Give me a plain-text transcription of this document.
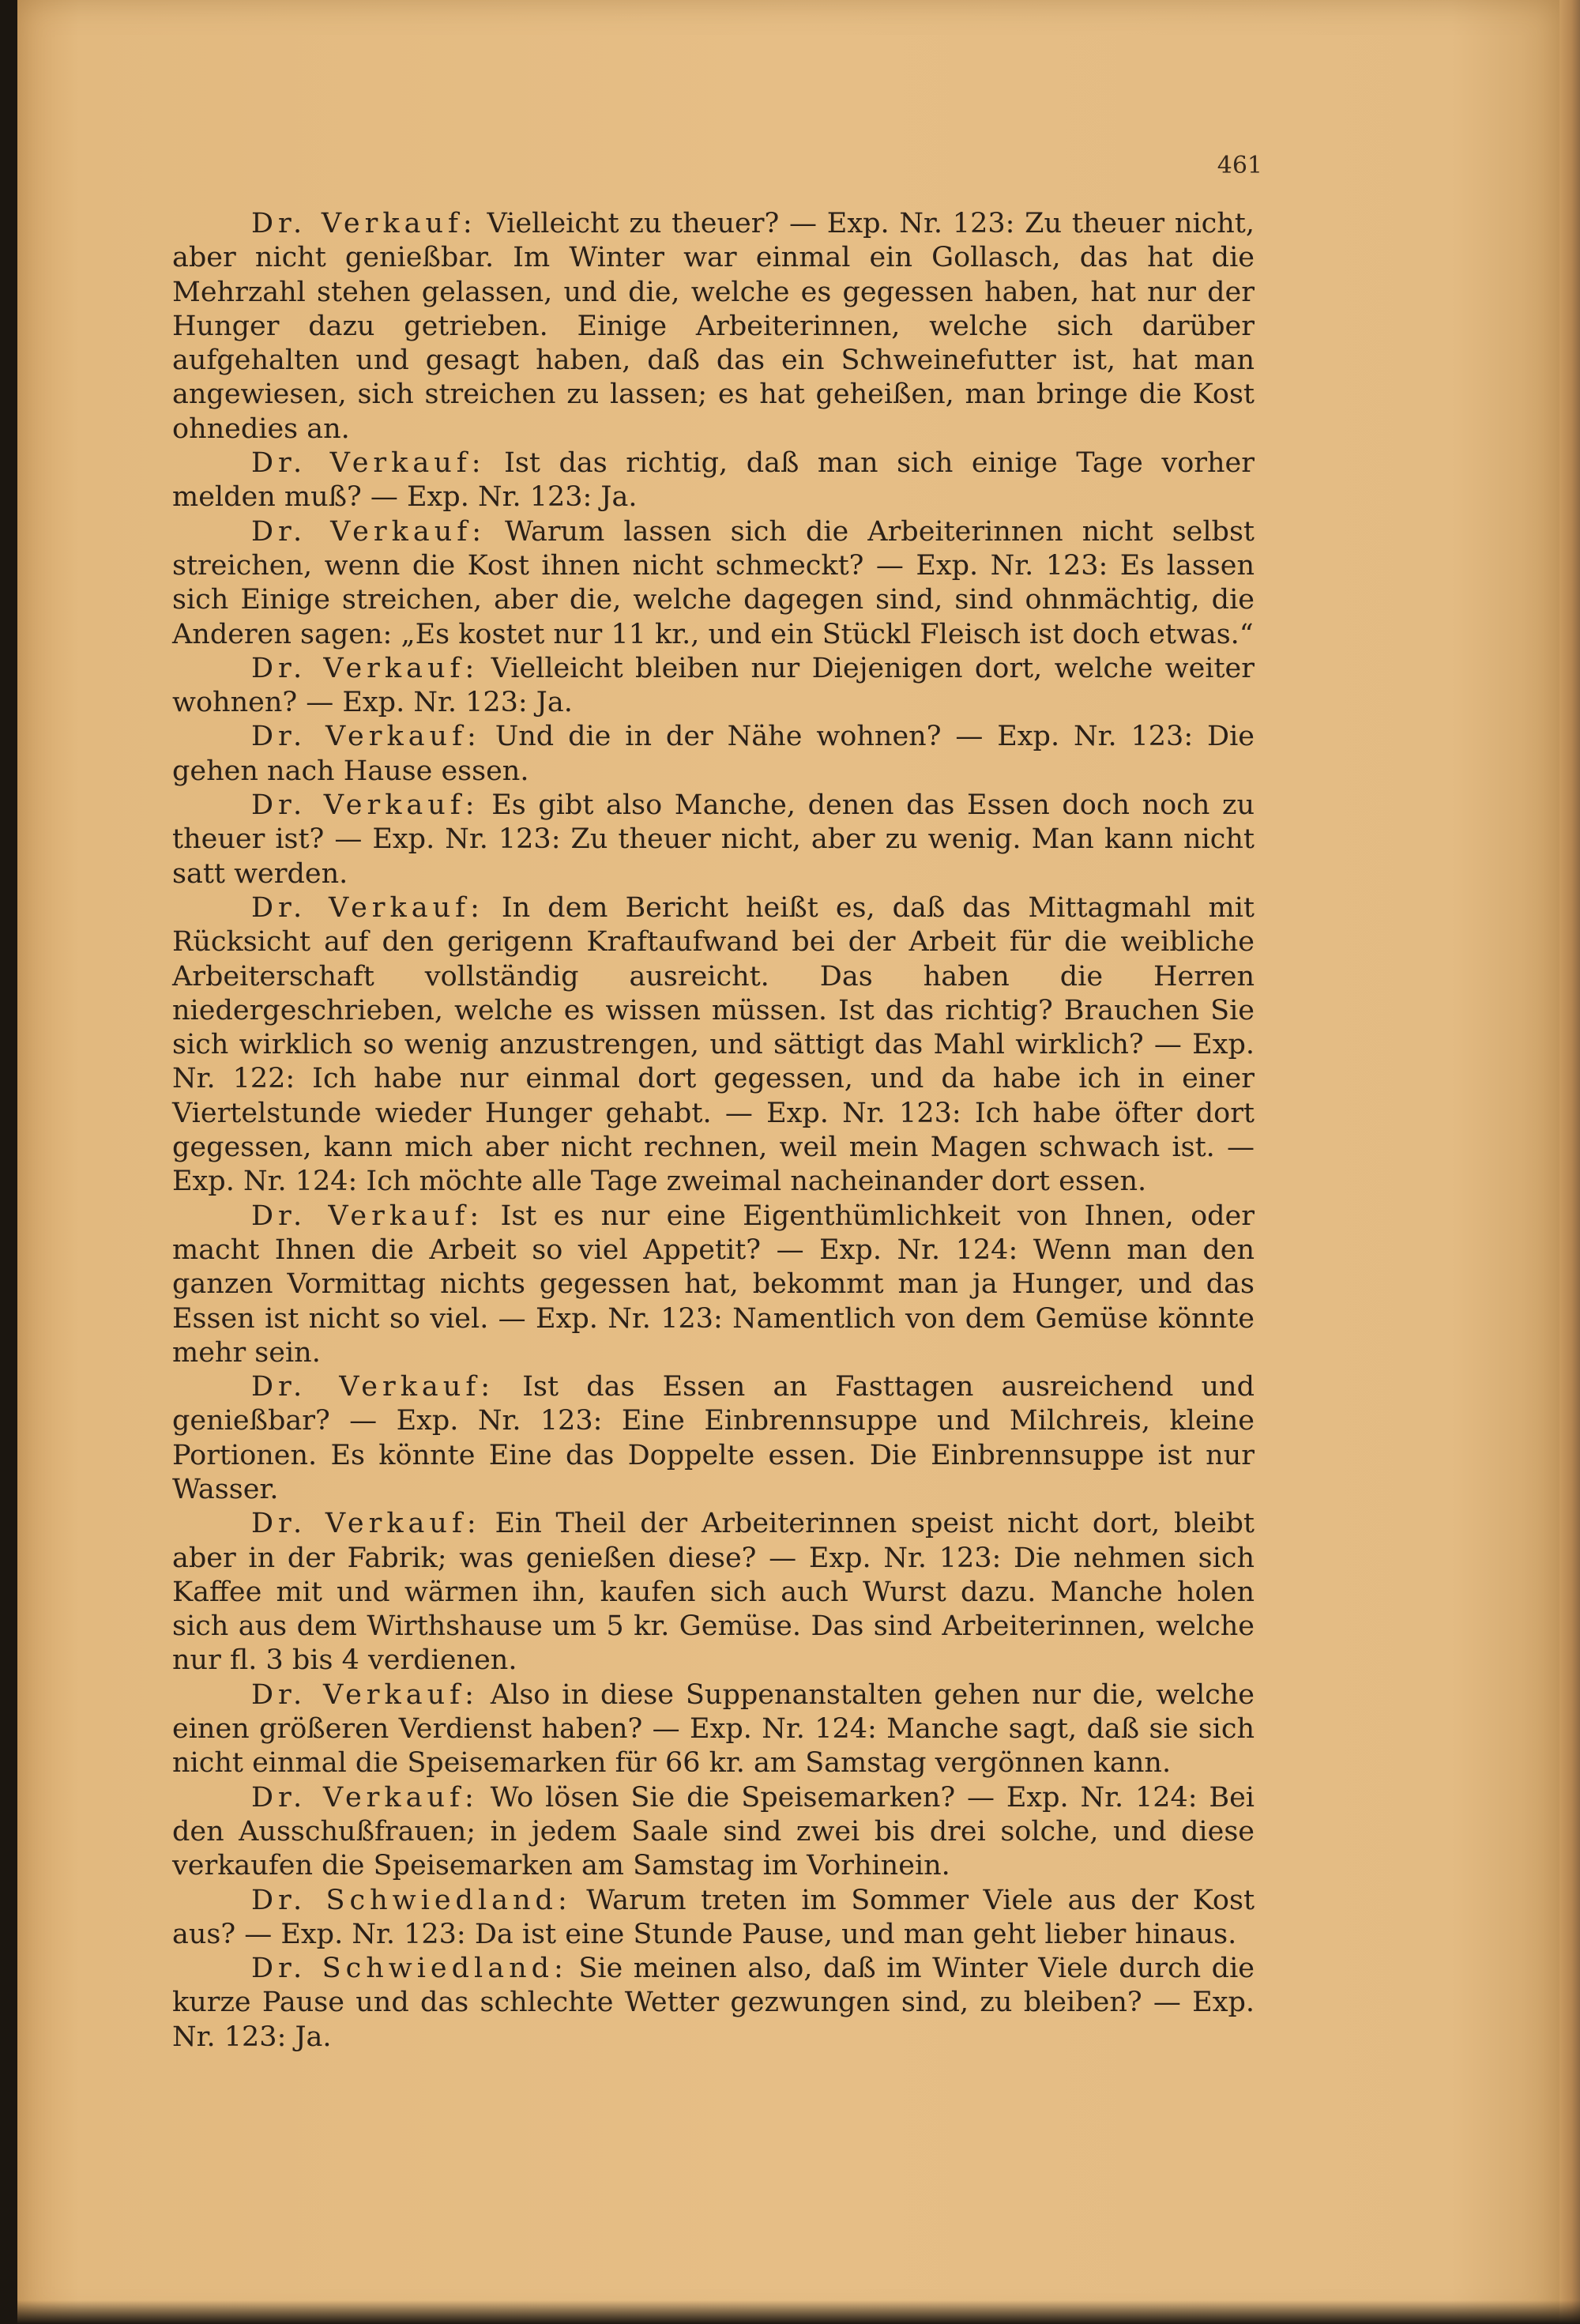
461

Dr. Verkauf: Vielleicht zu theuer? — Exp. Nr. 123: Zu theuer nicht, aber nicht genießbar. Im Winter war einmal ein Gollasch, das hat die Mehrzahl stehen gelassen, und die, welche es gegessen haben, hat nur der Hunger dazu getrieben. Einige Arbeiterinnen, welche sich darüber aufgehalten und gesagt haben, daß das ein Schweinefutter ist, hat man angewiesen, sich streichen zu lassen; es hat geheißen, man bringe die Kost ohnedies an.

Dr. Verkauf: Ist das richtig, daß man sich einige Tage vorher melden muß? — Exp. Nr. 123: Ja.

Dr. Verkauf: Warum lassen sich die Arbeiterinnen nicht selbst streichen, wenn die Kost ihnen nicht schmeckt? — Exp. Nr. 123: Es lassen sich Einige streichen, aber die, welche dagegen sind, sind ohnmächtig, die Anderen sagen: „Es kostet nur 11 kr., und ein Stückl Fleisch ist doch etwas.“

Dr. Verkauf: Vielleicht bleiben nur Diejenigen dort, welche weiter wohnen? — Exp. Nr. 123: Ja.

Dr. Verkauf: Und die in der Nähe wohnen? — Exp. Nr. 123: Die gehen nach Hause essen.

Dr. Verkauf: Es gibt also Manche, denen das Essen doch noch zu theuer ist? — Exp. Nr. 123: Zu theuer nicht, aber zu wenig. Man kann nicht satt werden.

Dr. Verkauf: In dem Bericht heißt es, daß das Mittagmahl mit Rücksicht auf den gerigenn Kraftaufwand bei der Arbeit für die weibliche Arbeiterschaft vollständig ausreicht. Das haben die Herren niedergeschrieben, welche es wissen müssen. Ist das richtig? Brauchen Sie sich wirklich so wenig anzustrengen, und sättigt das Mahl wirklich? — Exp. Nr. 122: Ich habe nur einmal dort gegessen, und da habe ich in einer Viertelstunde wieder Hunger gehabt. — Exp. Nr. 123: Ich habe öfter dort gegessen, kann mich aber nicht rechnen, weil mein Magen schwach ist. — Exp. Nr. 124: Ich möchte alle Tage zweimal nacheinander dort essen.

Dr. Verkauf: Ist es nur eine Eigenthümlichkeit von Ihnen, oder macht Ihnen die Arbeit so viel Appetit? — Exp. Nr. 124: Wenn man den ganzen Vormittag nichts gegessen hat, bekommt man ja Hunger, und das Essen ist nicht so viel. — Exp. Nr. 123: Namentlich von dem Gemüse könnte mehr sein.

Dr. Verkauf: Ist das Essen an Fasttagen ausreichend und genießbar? — Exp. Nr. 123: Eine Einbrennsuppe und Milchreis, kleine Portionen. Es könnte Eine das Doppelte essen. Die Einbrennsuppe ist nur Wasser.

Dr. Verkauf: Ein Theil der Arbeiterinnen speist nicht dort, bleibt aber in der Fabrik; was genießen diese? — Exp. Nr. 123: Die nehmen sich Kaffee mit und wärmen ihn, kaufen sich auch Wurst dazu. Manche holen sich aus dem Wirthshause um 5 kr. Gemüse. Das sind Arbeiterinnen, welche nur fl. 3 bis 4 verdienen.

Dr. Verkauf: Also in diese Suppenanstalten gehen nur die, welche einen größeren Verdienst haben? — Exp. Nr. 124: Manche sagt, daß sie sich nicht einmal die Speisemarken für 66 kr. am Samstag vergönnen kann.

Dr. Verkauf: Wo lösen Sie die Speisemarken? — Exp. Nr. 124: Bei den Ausschußfrauen; in jedem Saale sind zwei bis drei solche, und diese verkaufen die Speisemarken am Samstag im Vorhinein.

Dr. Schwiedland: Warum treten im Sommer Viele aus der Kost aus? — Exp. Nr. 123: Da ist eine Stunde Pause, und man geht lieber hinaus.

Dr. Schwiedland: Sie meinen also, daß im Winter Viele durch die kurze Pause und das schlechte Wetter gezwungen sind, zu bleiben? — Exp. Nr. 123: Ja.
